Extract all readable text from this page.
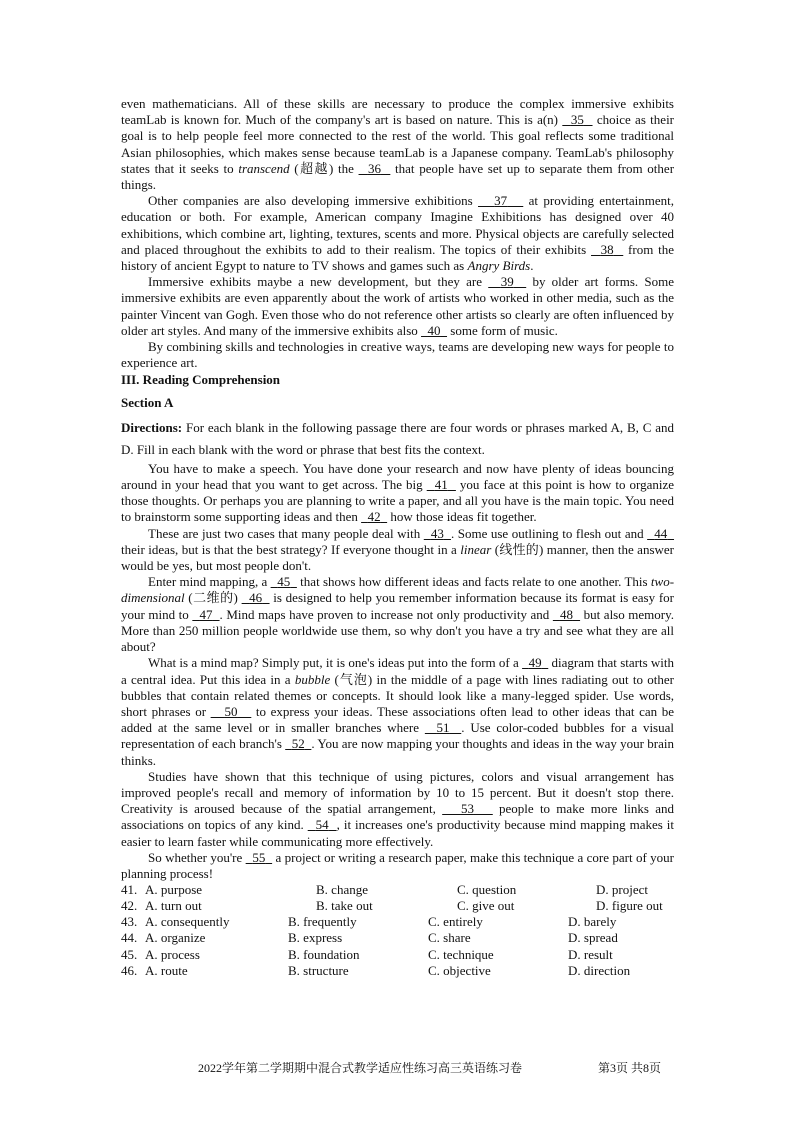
even mathematicians. All of these skills are necessary to produce the complex immersive exhibits teamLab is known for. Much of the company's art is based on nature. This is a(n)   35   choice as their goal is to help people feel more connected to the rest of the world. This goal reflects some traditional Asian philosophies, which makes sense because teamLab is a Japanese company. TeamLab's philosophy states that it seeks to transcend (超越) the   36   that people have set up to separate them from other things.

Other companies are also developing immersive exhibitions    37    at providing entertainment, education or both. For example, American company Imagine Exhibitions has designed over 40 exhibitions, which combine art, lighting, textures, scents and more. Physical objects are carefully selected and placed throughout the exhibits to add to their realism. The topics of their exhibits   38   from the history of ancient Egypt to nature to TV shows and games such as Angry Birds.

Immersive exhibits maybe a new development, but they are   39   by older art forms. Some immersive exhibits are even apparently about the work of artists who worked in other media, such as the painter Vincent van Gogh. Even those who do not reference other artists so clearly are often influenced by older art styles. And many of the immersive exhibits also   40   some form of music.

By combining skills and technologies in creative ways, teams are developing new ways for people to experience art.

III. Reading Comprehension

Section A

Directions: For each blank in the following passage there are four words or phrases marked A, B, C and D. Fill in each blank with the word or phrase that best fits the context.

You have to make a speech. You have done your research and now have plenty of ideas bouncing around in your head that you want to get across. The big   41   you face at this point is how to organize those thoughts. Or perhaps you are planning to write a paper, and all you have is the main topic. You need to brainstorm some supporting ideas and then   42   how those ideas fit together.

These are just two cases that many people deal with   43 . Some use outlining to flesh out and   44   their ideas, but is that the best strategy? If everyone thought in a linear (线性的) manner, then the answer would be yes, but most people don't.

Enter mind mapping, a   45   that shows how different ideas and facts relate to one another. This two-dimensional (二维的)   46   is designed to help you remember information because its format is easy for your mind to   47 . Mind maps have proven to increase not only productivity and   48   but also memory. More than 250 million people worldwide use them, so why don't you have a try and see what they are all about?

What is a mind map? Simply put, it is one's ideas put into the form of a   49   diagram that starts with a central idea. Put this idea in a bubble (气泡) in the middle of a page with lines radiating out to other bubbles that contain related themes or concepts. It should look like a many-legged spider. Use words, short phrases or    50    to express your ideas. These associations often lead to other ideas that can be added at the same level or in smaller branches where   51 . Use color-coded bubbles for a visual representation of each branch's   52 . You are now mapping your thoughts and ideas in the way your brain thinks.

Studies have shown that this technique of using pictures, colors and visual arrangement has improved people's recall and memory of information by 10 to 15 percent. But it doesn't stop there. Creativity is aroused because of the spatial arrangement,    53    people to make more links and associations on topics of any kind.   54 , it increases one's productivity because mind mapping makes it easier to learn faster while communicating more effectively.

So whether you're   55   a project or writing a research paper, make this technique a core part of your planning process!

41. A. purpose	B. change	C. question	D. project
42. A. turn out	B. take out	C. give out	D. figure out
43. A. consequently	B. frequently	C. entirely	D. barely
44. A. organize	B. express	C. share	D. spread
45. A. process	B. foundation	C. technique	D. result
46. A. route	B. structure	C. objective	D. direction
2022学年第二学期期中混合式教学适应性练习高三英语练习卷	第3页 共8页
